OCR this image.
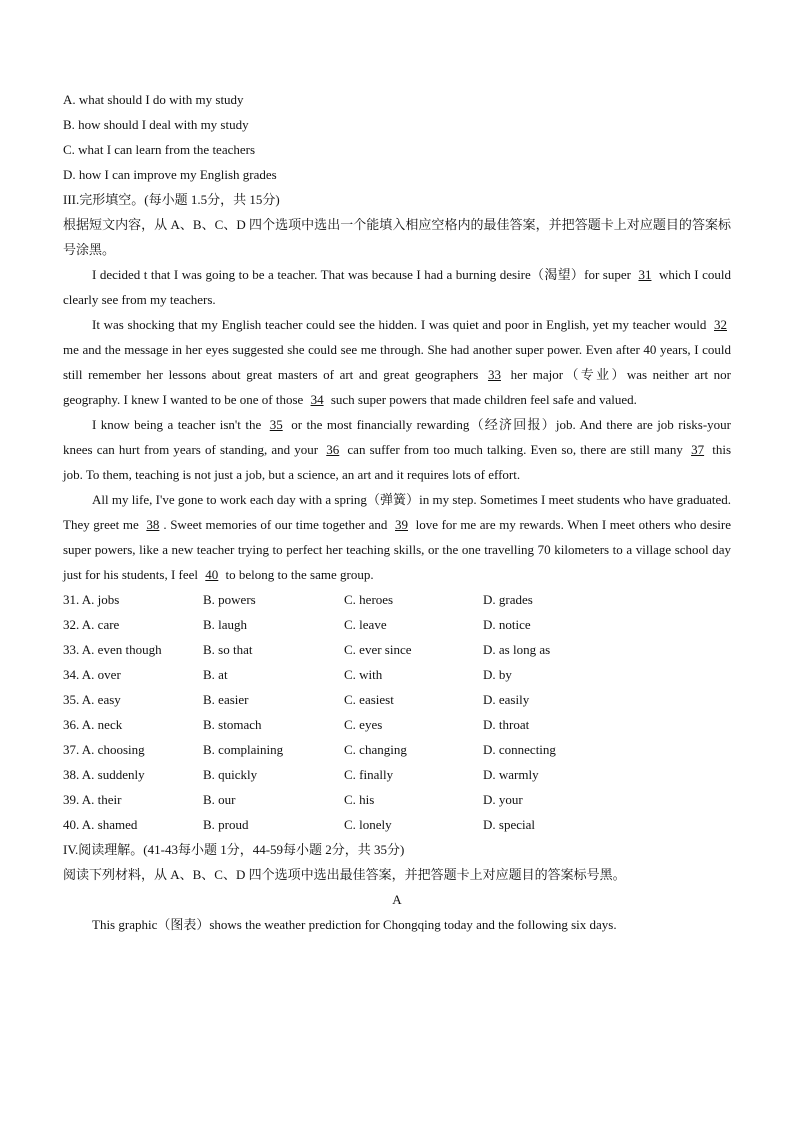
A. what should I do with my study
B. how should I deal with my study
C. what I can learn from the teachers
D. how I can improve my English grades
III.完形填空。(每小题 1.5分，共 15分)

根据短文内容，从 A、B、C、D 四个选项中选出一个能填入相应空格内的最佳答案，并把答题卡上对应题目的答案标号涂黑。

I decided t that I was going to be a teacher. That was because I had a burning desire（渴望）for super 31 which I could clearly see from my teachers.

It was shocking that my English teacher could see the hidden. I was quiet and poor in English, yet my teacher would 32 me and the message in her eyes suggested she could see me through. She had another super power. Even after 40 years, I could still remember her lessons about great masters of art and great geographers 33 her major（专业）was neither art nor geography. I knew I wanted to be one of those 34 such super powers that made children feel safe and valued.

I know being a teacher isn't the 35 or the most financially rewarding（经济回报）job. And there are job risks-your knees can hurt from years of standing, and your 36 can suffer from too much talking. Even so, there are still many 37 this job. To them, teaching is not just a job, but a science, an art and it requires lots of effort.

All my life, I've gone to work each day with a spring（弹簧）in my step. Sometimes I meet students who have graduated. They greet me 38 . Sweet memories of our time together and 39 love for me are my rewards. When I meet others who desire super powers, like a new teacher trying to perfect her teaching skills, or the one travelling 70 kilometers to a village school day just for his students, I feel 40 to belong to the same group.

31. A. jobs	B. powers	C. heroes	D. grades
32. A. care	B. laugh	C. leave	D. notice
33. A. even though	B. so that	C. ever since	D. as long as
34. A. over	B. at	C. with	D. by
35. A. easy	B. easier	C. easiest	D. easily
36. A. neck	B. stomach	C. eyes	D. throat
37. A. choosing	B. complaining	C. changing	D. connecting
38. A. suddenly	B. quickly	C. finally	D. warmly
39. A. their	B. our	C. his	D. your
40. A. shamed	B. proud	C. lonely	D. special
IV.阅读理解。(41-43每小题 1分，44-59每小题 2分，共 35分)
阅读下列材料，从 A、B、C、D 四个选项中选出最佳答案，并把答题卡上对应题目的答案标号黑。
A

This graphic（图表）shows the weather prediction for Chongqing today and the following six days.
